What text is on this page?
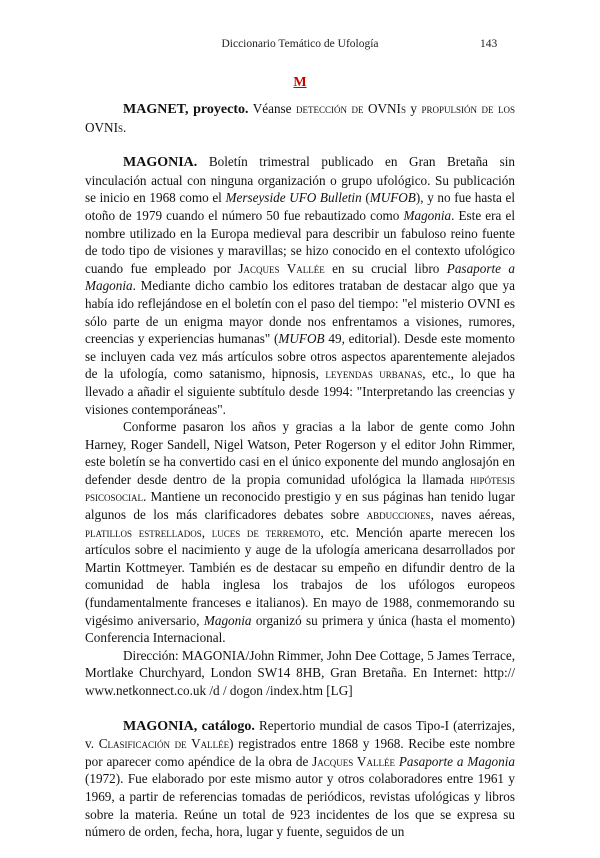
Diccionario Temático de Ufología	143
M

MAGNET, proyecto. Véanse detección de OVNIs y propulsión de los OVNIs.

MAGONIA. Boletín trimestral publicado en Gran Bretaña sin vinculación actual con ninguna organización o grupo ufológico. Su publicación se inicio en 1968 como el Merseyside UFO Bulletin (MUFOB), y no fue hasta el otoño de 1979 cuando el número 50 fue rebautizado como Magonia. Este era el nombre utilizado en la Europa medieval para describir un fabuloso reino fuente de todo tipo de visiones y maravillas; se hizo conocido en el contexto ufológico cuando fue empleado por Jacques Vallée en su crucial libro Pasaporte a Magonia. Mediante dicho cambio los editores trataban de destacar algo que ya había ido reflejándose en el boletín con el paso del tiempo: "el misterio OVNI es sólo parte de un enigma mayor donde nos enfrentamos a visiones, rumores, creencias y experiencias humanas" (MUFOB 49, editorial). Desde este momento se incluyen cada vez más artículos sobre otros aspectos aparentemente alejados de la ufología, como satanismo, hipnosis, leyendas urbanas, etc., lo que ha llevado a añadir el siguiente subtítulo desde 1994: "Interpretando las creencias y visiones contemporáneas".

Conforme pasaron los años y gracias a la labor de gente como John Harney, Roger Sandell, Nigel Watson, Peter Rogerson y el editor John Rimmer, este boletín se ha convertido casi en el único exponente del mundo anglosajón en defender desde dentro de la propia comunidad ufológica la llamada hipótesis psicosocial. Mantiene un reconocido prestigio y en sus páginas han tenido lugar algunos de los más clarificadores debates sobre abducciones, naves aéreas, platillos estrellados, luces de terremoto, etc. Mención aparte merecen los artículos sobre el nacimiento y auge de la ufología americana desarrollados por Martin Kottmeyer. También es de destacar su empeño en difundir dentro de la comunidad de habla inglesa los trabajos de los ufólogos europeos (fundamentalmente franceses e italianos). En mayo de 1988, conmemorando su vigésimo aniversario, Magonia organizó su primera y única (hasta el momento) Conferencia Internacional.

Dirección: MAGONIA/John Rimmer, John Dee Cottage, 5 James Terrace, Mortlake Churchyard, London SW14 8HB, Gran Bretaña. En Internet: http:// www.netkonnect.co.uk /d / dogon /index.htm [LG]

MAGONIA, catálogo. Repertorio mundial de casos Tipo-I (aterrizajes, v. Clasificación de Vallée) registrados entre 1868 y 1968. Recibe este nombre por aparecer como apéndice de la obra de Jacques Vallée Pasaporte a Magonia (1972). Fue elaborado por este mismo autor y otros colaboradores entre 1961 y 1969, a partir de referencias tomadas de periódicos, revistas ufológicas y libros sobre la materia. Reúne un total de 923 incidentes de los que se expresa su número de orden, fecha, hora, lugar y fuente, seguidos de un
